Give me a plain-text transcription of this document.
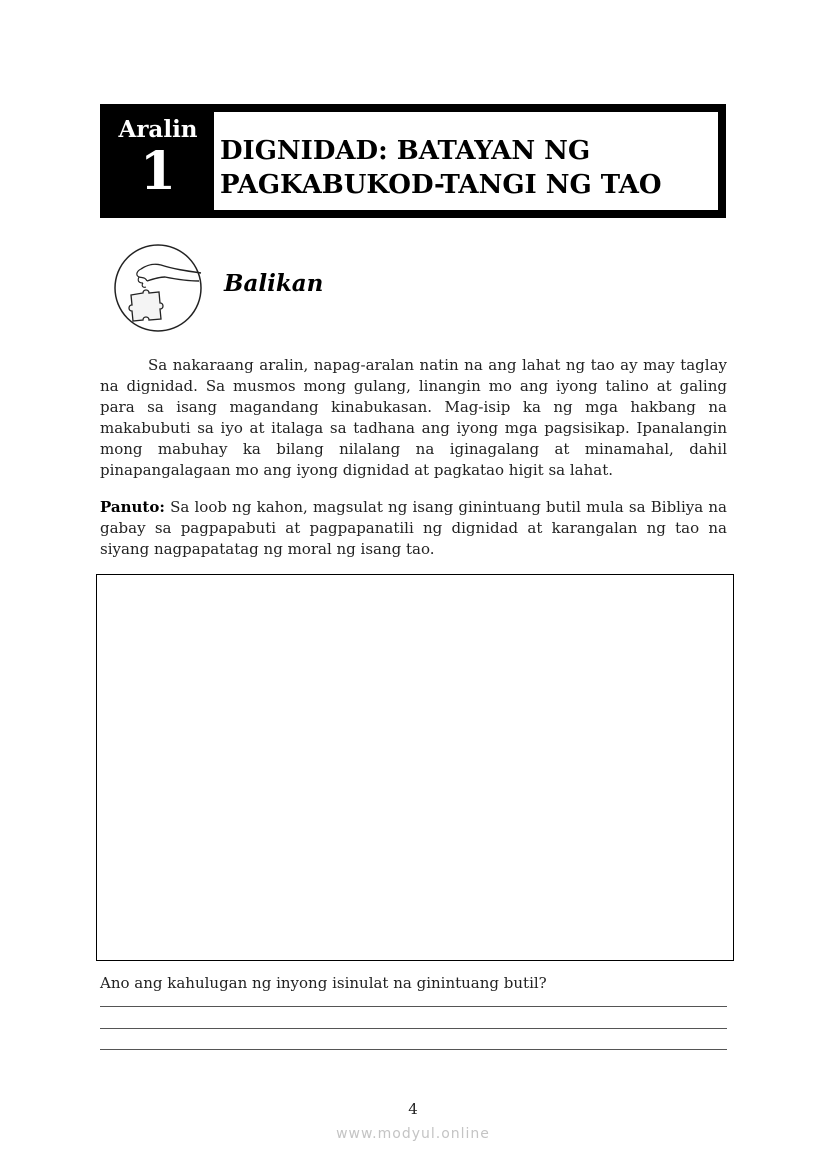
Aralin
1	DIGNIDAD: BATAYAN NG
PAGKABUKOD-TANGI NG TAO

Balikan

Sa nakaraang aralin, napag-aralan natin na ang lahat ng tao ay may taglay na dignidad. Sa musmos mong gulang, linangin mo ang iyong talino at galing para sa isang magandang kinabukasan. Mag-isip ka ng mga hakbang na makabubuti sa iyo at italaga sa tadhana ang iyong mga pagsisikap. Ipanalangin mong mabuhay ka bilang nilalang na iginagalang at minamahal, dahil pinapangalagaan mo ang iyong dignidad at pagkatao higit sa lahat.

Panuto: Sa loob ng kahon, magsulat ng isang ginintuang butil mula sa Bibliya na gabay sa pagpapabuti at pagpapanatili ng dignidad at karangalan ng tao na siyang nagpapatatag ng moral ng isang tao.

Ano ang kahulugan ng inyong isinulat na ginintuang butil?

4
www.modyul.online
